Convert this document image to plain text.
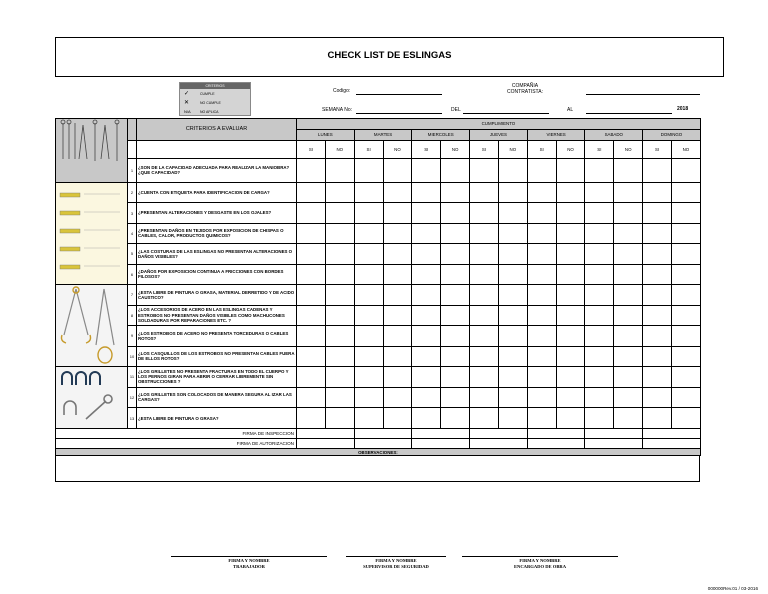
CHECK LIST DE ESLINGAS
CRITERIOS
✓	CUMPLE
✕	NO CUMPLE
N/A	NO APLICA
Codigo:
COMPAÑIA CONTRATISTA:
SEMANA No:	DEL	AL	2018
		CRITERIOS A EVALUAR	CUMPLIMIENTO													
			LUNES		MARTES		MIERCOLES		JUEVES		VIERNES		SABADO		DOMINGO	
			SI	NO	SI	NO	SI	NO	SI	NO	SI	NO	SI	NO	SI	NO
	1	¿SON DE LA CAPACIDAD ADECUADA PARA REALIZAR LA MANIOBRA? ¿QUE CAPACIDAD?														
	2	¿CUENTA CON ETIQUETA PARA IDENTIFICACION DE CARGA?														
	3	¿PRESENTAN ALTERACIONES Y DESGASTE EN LOS OJALES?														
	4	¿PRESENTAN DAÑOS EN TEJIDOS POR EXPOSICION DE CHISPAS O CABLES, CALOR, PRODUCTOS QUIMICOS?														
	5	¿LAS COSTURAS DE LAS ESLINGAS NO PRESENTAN ALTERACIONES O DAÑOS VISIBLES?														
	6	¿DAÑOS POR EXPOSICION CONTINUA A FRICCIONES CON BORDES FILOSOS?														
	7	¿ESTA LIBRE DE PINTURA O GRASA, MATERIAL DERRETIDO Y DE ACIDO CAUSTICO?														
	8	¿LOS ACCESORIOS DE ACERO EN LAS ESLINGAS CADENAS Y ESTROBOS NO PRESENTAN DAÑOS VISIBLES COMO MACHUCONES SOLDADURAS POR REPARACIONES ETC. ?														
	9	¿LOS ESTROBOS DE ACERO NO PRESENTA TORCEDURAS O CABLES ROTOS?														
	10	¿LOS CASQUILLOS DE LOS ESTROBOS NO PRESENTAN CABLES FUERA DE ELLOS ROTOS?														
	11	¿LOS GRILLETES NO PRESENTA FRACTURAS EN TODO EL CUERPO Y LOS PERNOS GIRAN PARA ABRIR O CERRAR LIBREMENTE SIN OBSTRUCCIONES ?														
	12	¿LOS GRILLETES SON COLOCADOS DE MANERA SEGURA AL IZAR LAS CARGAS?														
	13	¿ESTA LIBRE DE PINTURA O GRASA?														
FIRMA DE INSPECCION																
FIRMA DE AUTORIZACION																
OBSERVACIONES:																
FIRMA Y NOMBRE
TRABAJADOR
FIRMA Y NOMBRE
SUPERVISOR DE SEGURIDAD
FIRMA Y NOMBRE
ENCARGADO DE OBRA
000000Rev.01 / 03-2016
